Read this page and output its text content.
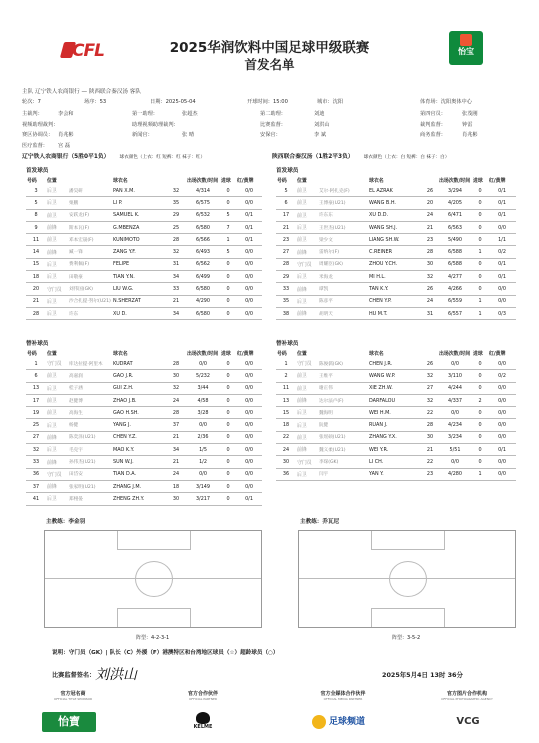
CFL	2025华润饮料中国足球甲级联赛
首发名单
怡宝
主队 辽宁铁人农商银行 — 陕西联合秦汉汤 客队
轮次：7	场序：53	日期：2025-05-04	开球时间：15:00	城市：沈阳	体育场：沈阳奥体中心
主裁判：	李会和	第一助理：	张超杰	第二助理：	刘迪	第四官员：	张茂刚
视频助理裁判：	助理视频助理裁判：	比赛监督：	刘洪山	裁判监督：	钟雷
赛区协调员： 肖兆彬	新闻官：	张 晴	安保官：	李 斌	商务监督：	肖兆彬
医疗监督： 宫 磊
辽宁铁人农商银行（5胜0平1负） 球衣颜色（上衣：红 短裤：红 袜子：红）	陕西联合秦汉汤（1胜2平3负） 球衣颜色（上衣：白 短裤：白 袜子：白）
首发球员	首发球员
号码	位置		球衣名		出场次数/时间	进球	红/黄牌
3	后卫	潘昊研	PAN X.M.	32	4/314	0	0/0
5	后卫	栗鹏	LI P.	35	6/575	0	0/0
8	前卫	安跃龙(F)	SAMUEL K.	29	6/532	5	0/1
9	前锋	斯本瓦(F)	G.MBENZA	25	6/580	7	0/1
11	前卫	邓本宏晟(F)	KUNIMOTO	28	6/566	1	0/1
14	前锋	臧一锋	ZANG Y.F.	32	6/493	5	0/0
15	后卫	费利佩(F)	FELIPE	31	6/562	0	0/0
18	后卫	田敬豪	TIAN Y.N.	34	6/499	0	0/0
20	守门员	刘伟国(GK)	LIU W.G.	33	6/580	0	0/0
21	后卫	沙合扎提·努尔(U21)	N.SHERZAT	21	4/290	0	0/0
28	后卫	许东	XU D.	34	6/580	0	0/0
号码	位置		球衣名		出场次数/时间	进球	红/黄牌
5	前卫	艾尔·阿扎克(F)	EL AZRAK	26	3/294	0	0/1
6	前卫	王博豪(U21)	WANG B.H.	20	4/205	0	0/1
17	前卫	许东东	XU D.D.	24	6/471	0	0/1
21	后卫	王世杰(U21)	WANG SH.J.	21	6/563	0	0/0
23	前卫	梁少文	LIANG SH.W.	23	5/490	0	1/1
27	前锋	雷纳尔(F)	C.REINER	28	6/588	1	0/2
28	守门员	周耀臣(GK)	ZHOU Y.CH.	30	6/588	0	0/1
29	后卫	米海龙	MI H.L.	32	4/277	0	0/1
33	前锋	谭凯	TAN K.Y.	26	4/266	0	0/0
35	后卫	陈彦平	CHEN Y.P.	24	6/559	1	0/0
38	前锋	胡明天	HU M.T.	31	6/557	1	0/3
替补球员	替补球员
号码	位置		球衣名		出场次数/时间	进球	红/黄牌
1	守门员	库达拉提·阿里木	KUDRAT	28	0/0	0	0/0
6	前卫	高嘉润	GAO J.R.	30	5/232	0	0/0
13	后卫	桂子涵	GUI Z.H.	32	3/44	0	0/0
17	前卫	赵健博	ZHAO J.B.	24	4/58	0	0/0
19	前卫	高海生	GAO H.SH.	28	3/28	0	0/0
25	后卫	杨健	YANG J.	37	0/0	0	0/0
27	前锋	陈奕泽(U21)	CHEN Y.Z.	21	2/36	0	0/0
32	后卫	毛克宇	MAO K.Y.	34	1/5	0	0/0
33	前锋	孙伟杰(U21)	SUN W.J.	21	1/2	0	0/0
36	守门员	田岱安	TIAN D.A.	24	0/0	0	0/0
37	前锋	张家明(U21)	ZHANG J.M.	18	3/149	0	0/0
41	后卫	郑栩晏	ZHENG ZH.Y.	30	3/217	0	0/1
号码	位置		球衣名		出场次数/时间	进球	红/黄牌
1	守门员	陈俊儒(GK)	CHEN J.R.	26	0/0	0	0/0
2	前卫	王维平	WANG W.P.	32	3/110	0	0/2
11	前卫	谢正伟	XIE ZH.W.	27	4/244	0	0/0
13	前锋	达尔法卢(F)	DARFALOU	32	4/337	2	0/0
15	后卫	魏海明	WEI H.M.	22	0/0	0	0/0
18	后卫	阮健	RUAN J.	28	4/234	0	0/0
22	前卫	张瑶硕(U21)	ZHANG Y.X.	30	3/234	0	0/0
24	前锋	魏义柔(U21)	WEI Y.R.	21	5/51	0	0/1
30	守门员	李琛(GK)	LI CH.	22	0/0	0	0/0
36	后卫	闫宇	YAN Y.	23	4/280	1	0/0
主教练：李金羽	主教练：乔瓦尼
阵型：4-2-3-1	阵型：3-5-2
说明：守门员（GK）| 队长（C）外援（F）港澳特区和台湾地区球员（☆）超龄球员（○）
比赛监督签名： 刘洪山	2025年5月4日 13时 36分
官方冠名商
OFFICIAL TITLE SPONSOR
官方合作伙伴
OFFICIAL PARTNER
官方全媒体合作伙伴
OFFICIAL MEDIA PARTNER
官方图片合作机构
OFFICIAL PHOTOGRAPHIC AGENCY
怡寶	KELME	足球频道	VCG
